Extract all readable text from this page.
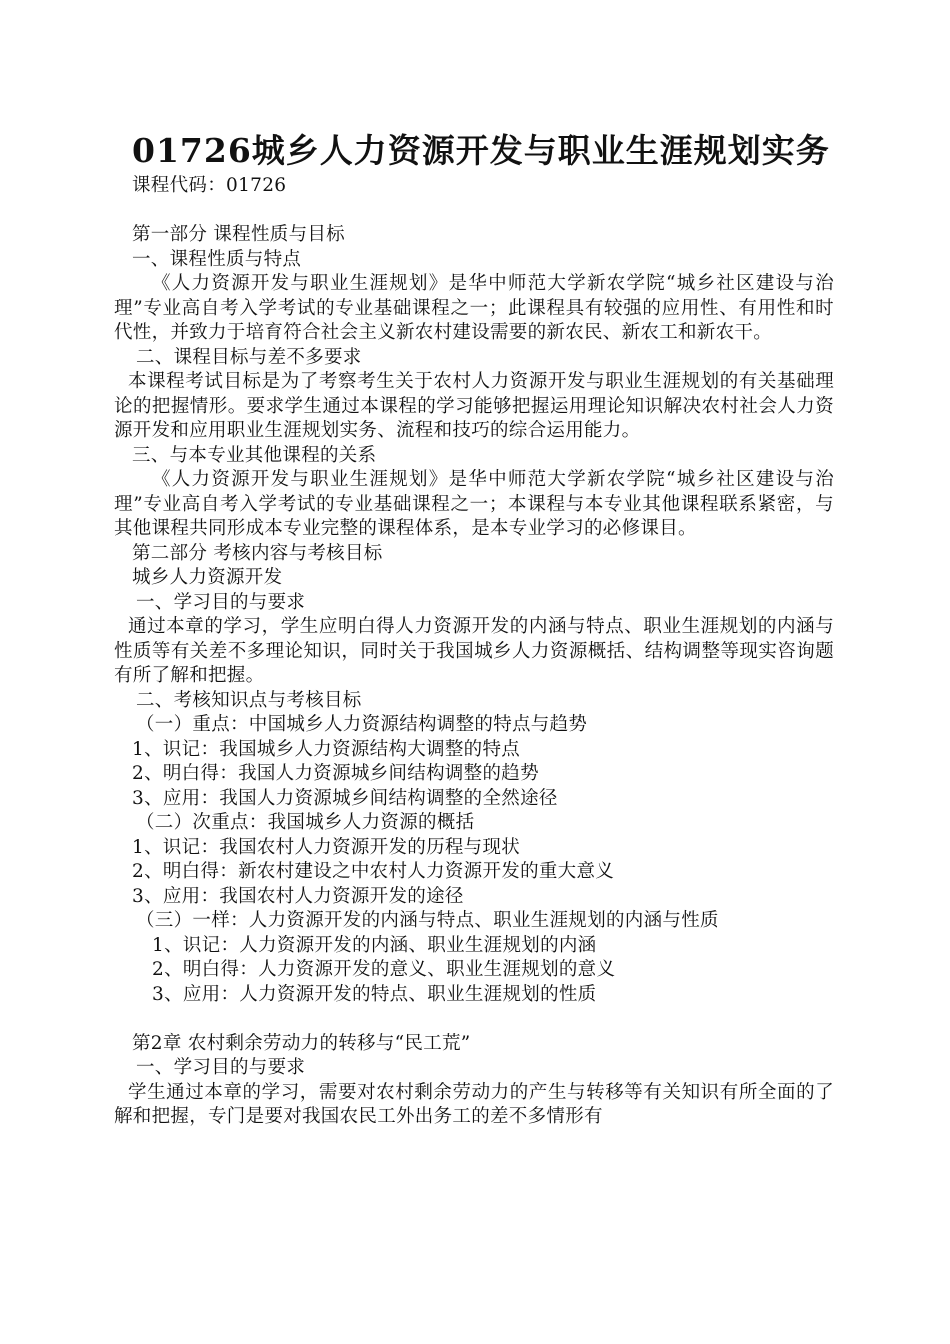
01726城乡人力资源开发与职业生涯规划实务

课程代码：01726

第一部分 课程性质与目标

一、课程性质与特点

《人力资源开发与职业生涯规划》是华中师范大学新农学院“城乡社区建设与治理”专业高自考入学考试的专业基础课程之一；此课程具有较强的应用性、有用性和时代性，并致力于培育符合社会主义新农村建设需要的新农民、新农工和新农干。

二、课程目标与差不多要求

本课程考试目标是为了考察考生关于农村人力资源开发与职业生涯规划的有关基础理论的把握情形。要求学生通过本课程的学习能够把握运用理论知识解决农村社会人力资源开发和应用职业生涯规划实务、流程和技巧的综合运用能力。

三、与本专业其他课程的关系

《人力资源开发与职业生涯规划》是华中师范大学新农学院“城乡社区建设与治理”专业高自考入学考试的专业基础课程之一；本课程与本专业其他课程联系紧密，与其他课程共同形成本专业完整的课程体系，是本专业学习的必修课目。

第二部分 考核内容与考核目标

城乡人力资源开发

一、学习目的与要求

通过本章的学习，学生应明白得人力资源开发的内涵与特点、职业生涯规划的内涵与性质等有关差不多理论知识，同时关于我国城乡人力资源概括、结构调整等现实咨询题有所了解和把握。

二、考核知识点与考核目标

（一）重点：中国城乡人力资源结构调整的特点与趋势

1、识记：我国城乡人力资源结构大调整的特点

2、明白得：我国人力资源城乡间结构调整的趋势

3、应用：我国人力资源城乡间结构调整的全然途径

（二）次重点：我国城乡人力资源的概括

1、识记：我国农村人力资源开发的历程与现状

2、明白得：新农村建设之中农村人力资源开发的重大意义

3、应用：我国农村人力资源开发的途径

（三）一样：人力资源开发的内涵与特点、职业生涯规划的内涵与性质

1、识记：人力资源开发的内涵、职业生涯规划的内涵

2、明白得：人力资源开发的意义、职业生涯规划的意义

3、应用：人力资源开发的特点、职业生涯规划的性质

第2章 农村剩余劳动力的转移与“民工荒”

一、学习目的与要求

学生通过本章的学习，需要对农村剩余劳动力的产生与转移等有关知识有所全面的了解和把握，专门是要对我国农民工外出务工的差不多情形有
